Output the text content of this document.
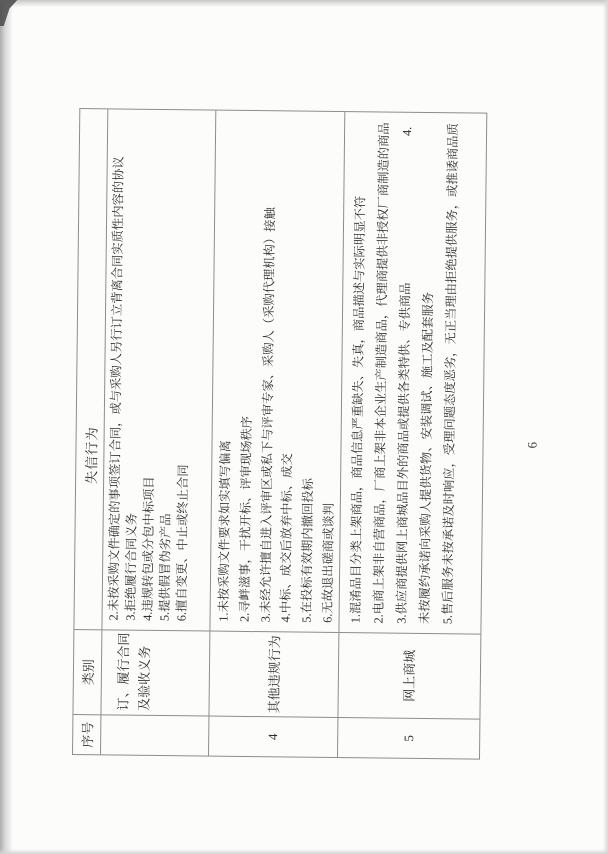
序号
类别
失信行为
订、履行合同 及验收义务
2.未按采购文件确定的事项签订合同，或与采购人另行订立背离合同实质性内容的协议
3.拒绝履行合同义务 4.违规转包或分包中标项目 5.提供假冒伪劣产品 6.擅自变更、中止或终止合同
4
其他违规行为
1.未按采购文件要求如实填写偏离 2.寻衅滋事，干扰开标、评审现场秩序 3.未经允许擅自进入评审区或私下与评审专家、采购人（采购代理机构）接触 4.中标、成交后放弃中标、成交 5.在投标有效期内撤回投标 6.无故退出磋商或谈判
5
网上商城
1.混淆品目分类上架商品，商品信息严重缺失、失真，商品描述与实际明显不符 2.电商上架非自营商品，厂商上架非本企业生产制造商品，代理商提供非授权厂商制造的商品 3.供应商提供网上商城品目外的商品或提供各类特供、专供商品
4.
未按履约承诺向采购人提供货物、安装调试、施工及配套服务 5.售后服务未按承诺及时响应，受理问题态度恶劣，无正当理由拒绝提供服务，或推诿商品质	6
